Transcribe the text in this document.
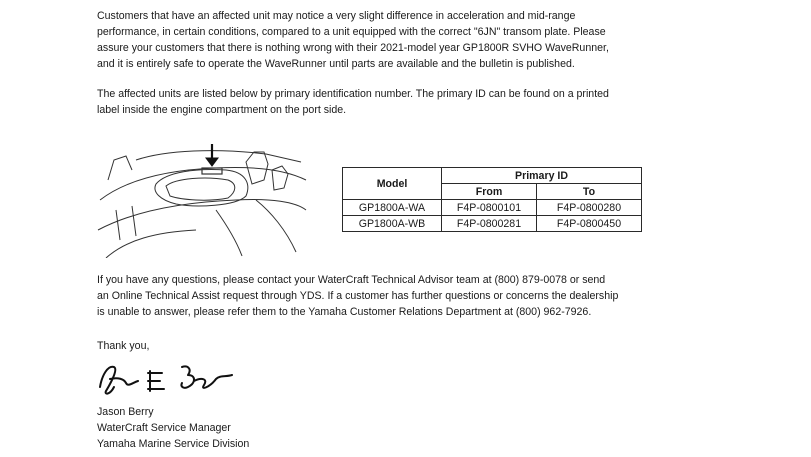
Customers that have an affected unit may notice a very slight difference in acceleration and mid-range
performance, in certain conditions, compared to a unit equipped with the correct "6JN" transom plate. Please
assure your customers that there is nothing wrong with their 2021-model year GP1800R SVHO WaveRunner,
and it is entirely safe to operate the WaveRunner until parts are available and the bulletin is published.

The affected units are listed below by primary identification number. The primary ID can be found on a printed
label inside the engine compartment on the port side.

Model	Primary ID	
	From	To
GP1800A-WA	F4P-0800101	F4P-0800280
GP1800A-WB	F4P-0800281	F4P-0800450

If you have any questions, please contact your WaterCraft Technical Advisor team at (800) 879-0078 or send
an Online Technical Assist request through YDS. If a customer has further questions or concerns the dealership
is unable to answer, please refer them to the Yamaha Customer Relations Department at (800) 962-7926.

Thank you,

Jason Berry
WaterCraft Service Manager
Yamaha Marine Service Division
